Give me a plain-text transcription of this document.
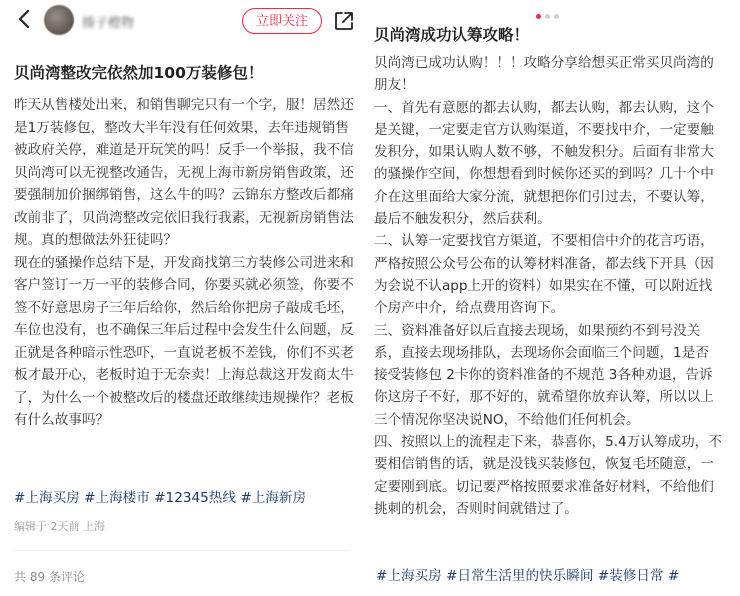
揍子橙物	立即关注
贝尚湾整改完依然加100万装修包！

昨天从售楼处出来，和销售聊完只有一个字，服！居然还是1万装修包，整改大半年没有任何效果，去年违规销售被政府关停，难道是开玩笑的吗！反手一个举报，我不信贝尚湾可以无视整改通告，无视上海市新房销售政策，还要强制加价捆绑销售，这么牛的吗？云锦东方整改后都痛改前非了，贝尚湾整改完依旧我行我素，无视新房销售法规。真的想做法外狂徒吗？

现在的骚操作总结下是，开发商找第三方装修公司进来和客户签订一万一平的装修合同，你要买就必须签，你要不签不好意思房子三年后给你，然后给你把房子敲成毛坯，车位也没有，也不确保三年后过程中会发生什么问题，反正就是各种暗示性恐吓，一直说老板不差钱，你们不买老板才最开心，老板时迫于无奈卖！上海总裁这开发商太牛了，为什么一个被整改后的楼盘还敢继续违规操作？老板有什么故事吗？

#上海买房 #上海楼市 #12345热线 #上海新房
编辑于 2天前 上海
共 89 条评论
贝尚湾成功认筹攻略！

贝尚湾已成功认购！！！攻略分享给想买正常买贝尚湾的朋友！

一、首先有意愿的都去认购，都去认购，都去认购，这个是关键，一定要走官方认购渠道，不要找中介，一定要触发积分，如果认购人数不够，不触发积分。后面有非常大的骚操作空间，你想想看到时候你还买的到吗？几十个中介在这里面给大家分流，就想把你们引过去，不要认筹，最后不触发积分，然后获利。

二、认筹一定要找官方渠道，不要相信中介的花言巧语，严格按照公众号公布的认筹材料准备，都去线下开具（因为会说不认app上开的资料）如果实在不懂，可以附近找个房产中介，给点费用咨询下。

三、资料准备好以后直接去现场，如果预约不到号没关系，直接去现场排队，去现场你会面临三个问题，1是否接受装修包 2卡你的资料准备的不规范 3各种劝退，告诉你这房子不好，那不好的，就希望你放弃认筹，所以以上三个情况你坚决说NO，不给他们任何机会。

四、按照以上的流程走下来，恭喜你，5.4万认筹成功，不要相信销售的话，就是没钱买装修包，恢复毛坯随意，一定要刚到底。切记要严格按照要求准备好材料，不给他们挑刺的机会，否则时间就错过了。

#上海买房 #日常生活里的快乐瞬间 #装修日常 #
